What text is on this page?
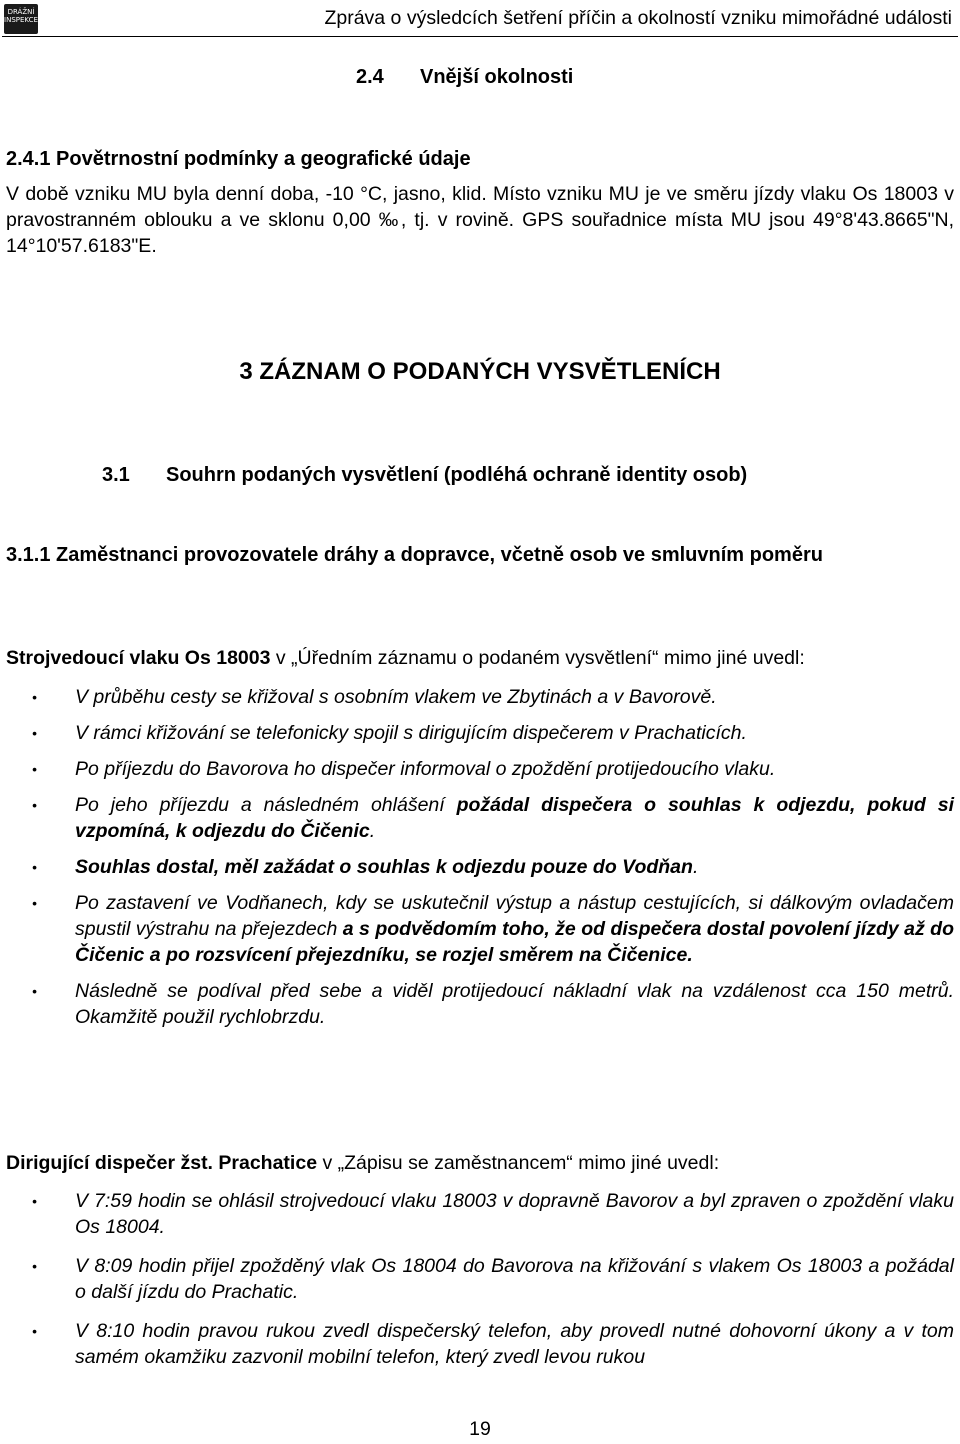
DRÁŽNÍ INSPEKCE	Zpráva o výsledcích šetření příčin a okolností vzniku mimořádné události
2.4 Vnější okolnosti
2.4.1 Povětrnostní podmínky a geografické údaje
V době vzniku MU byla denní doba, -10 °C, jasno, klid. Místo vzniku MU je ve směru jízdy vlaku Os 18003 v pravostranném oblouku a ve sklonu 0,00 ‰, tj. v rovině. GPS souřadnice místa MU jsou 49°8'43.8665"N, 14°10'57.6183"E.
3 ZÁZNAM O PODANÝCH VYSVĚTLENÍCH
3.1 Souhrn podaných vysvětlení (podléhá ochraně identity osob)
3.1.1 Zaměstnanci provozovatele dráhy a dopravce, včetně osob ve smluvním poměru
Strojvedoucí vlaku Os 18003 v „Úředním záznamu o podaném vysvětlení“ mimo jiné uvedl:
• V průběhu cesty se křižoval s osobním vlakem ve Zbytinách a v Bavorově.
• V rámci křižování se telefonicky spojil s dirigujícím dispečerem v Prachaticích.
• Po příjezdu do Bavorova ho dispečer informoval o zpoždění protijedoucího vlaku.
• Po jeho příjezdu a následném ohlášení požádal dispečera o souhlas k odjezdu, pokud si vzpomíná, k odjezdu do Čičenic.
• Souhlas dostal, měl zažádat o souhlas k odjezdu pouze do Vodňan.
• Po zastavení ve Vodňanech, kdy se uskutečnil výstup a nástup cestujících, si dálkovým ovladačem spustil výstrahu na přejezdech a s podvědomím toho, že od dispečera dostal povolení jízdy až do Čičenic a po rozsvícení přejezdníku, se rozjel směrem na Čičenice.
• Následně se podíval před sebe a viděl protijedoucí nákladní vlak na vzdálenost cca 150 metrů. Okamžitě použil rychlobrzdu.
Dirigující dispečer žst. Prachatice v „Zápisu se zaměstnancem“ mimo jiné uvedl:
• V 7:59 hodin se ohlásil strojvedoucí vlaku 18003 v dopravně Bavorov a byl zpraven o zpoždění vlaku Os 18004.
• V 8:09 hodin přijel zpožděný vlak Os 18004 do Bavorova na křižování s vlakem Os 18003 a požádal o další jízdu do Prachatic.
• V 8:10 hodin pravou rukou zvedl dispečerský telefon, aby provedl nutné dohovorní úkony a v tom samém okamžiku zazvonil mobilní telefon, který zvedl levou rukou
19
